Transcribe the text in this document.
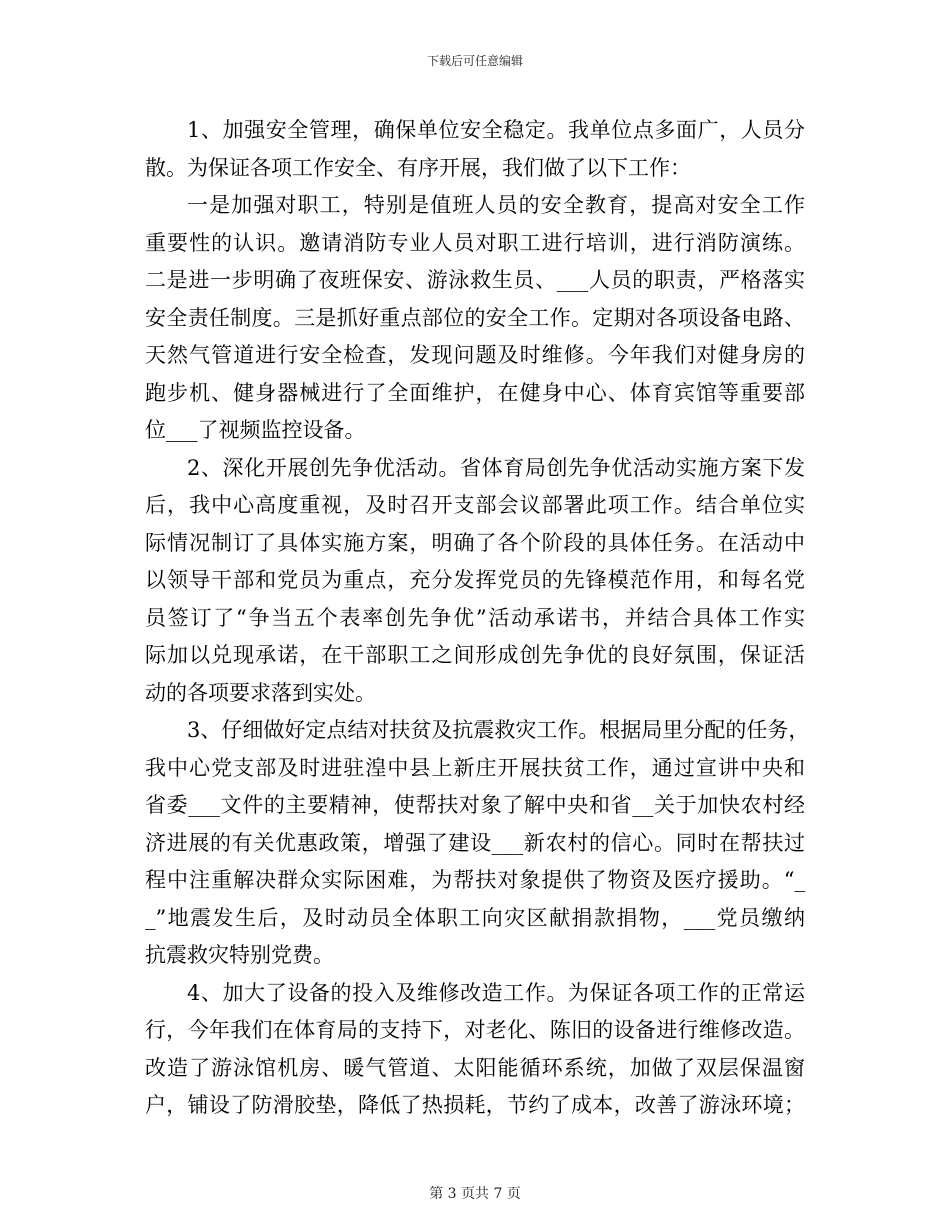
下载后可任意编辑
1、加强安全管理，确保单位安全稳定。我单位点多面广，人员分
散。为保证各项工作安全、有序开展，我们做了以下工作：
一是加强对职工，特别是值班人员的安全教育，提高对安全工作
重要性的认识。邀请消防专业人员对职工进行培训，进行消防演练。
二是进一步明确了夜班保安、游泳救生员、___人员的职责，严格落实
安全责任制度。三是抓好重点部位的安全工作。定期对各项设备电路、
天然气管道进行安全检查，发现问题及时维修。今年我们对健身房的
跑步机、健身器械进行了全面维护，在健身中心、体育宾馆等重要部
位___了视频监控设备。
2、深化开展创先争优活动。省体育局创先争优活动实施方案下发
后，我中心高度重视，及时召开支部会议部署此项工作。结合单位实
际情况制订了具体实施方案，明确了各个阶段的具体任务。在活动中
以领导干部和党员为重点，充分发挥党员的先锋模范作用，和每名党
员签订了“争当五个表率创先争优”活动承诺书，并结合具体工作实
际加以兑现承诺，在干部职工之间形成创先争优的良好氛围，保证活
动的各项要求落到实处。
3、仔细做好定点结对扶贫及抗震救灾工作。根据局里分配的任务，
我中心党支部及时进驻湟中县上新庄开展扶贫工作，通过宣讲中央和
省委___文件的主要精神，使帮扶对象了解中央和省__关于加快农村经
济进展的有关优惠政策，增强了建设___新农村的信心。同时在帮扶过
程中注重解决群众实际困难，为帮扶对象提供了物资及医疗援助。“_
_”地震发生后，及时动员全体职工向灾区献捐款捐物，___党员缴纳
抗震救灾特别党费。
4、加大了设备的投入及维修改造工作。为保证各项工作的正常运
行，今年我们在体育局的支持下，对老化、陈旧的设备进行维修改造。
改造了游泳馆机房、暖气管道、太阳能循环系统，加做了双层保温窗
户，铺设了防滑胶垫，降低了热损耗，节约了成本，改善了游泳环境；
第 3 页共 7 页
